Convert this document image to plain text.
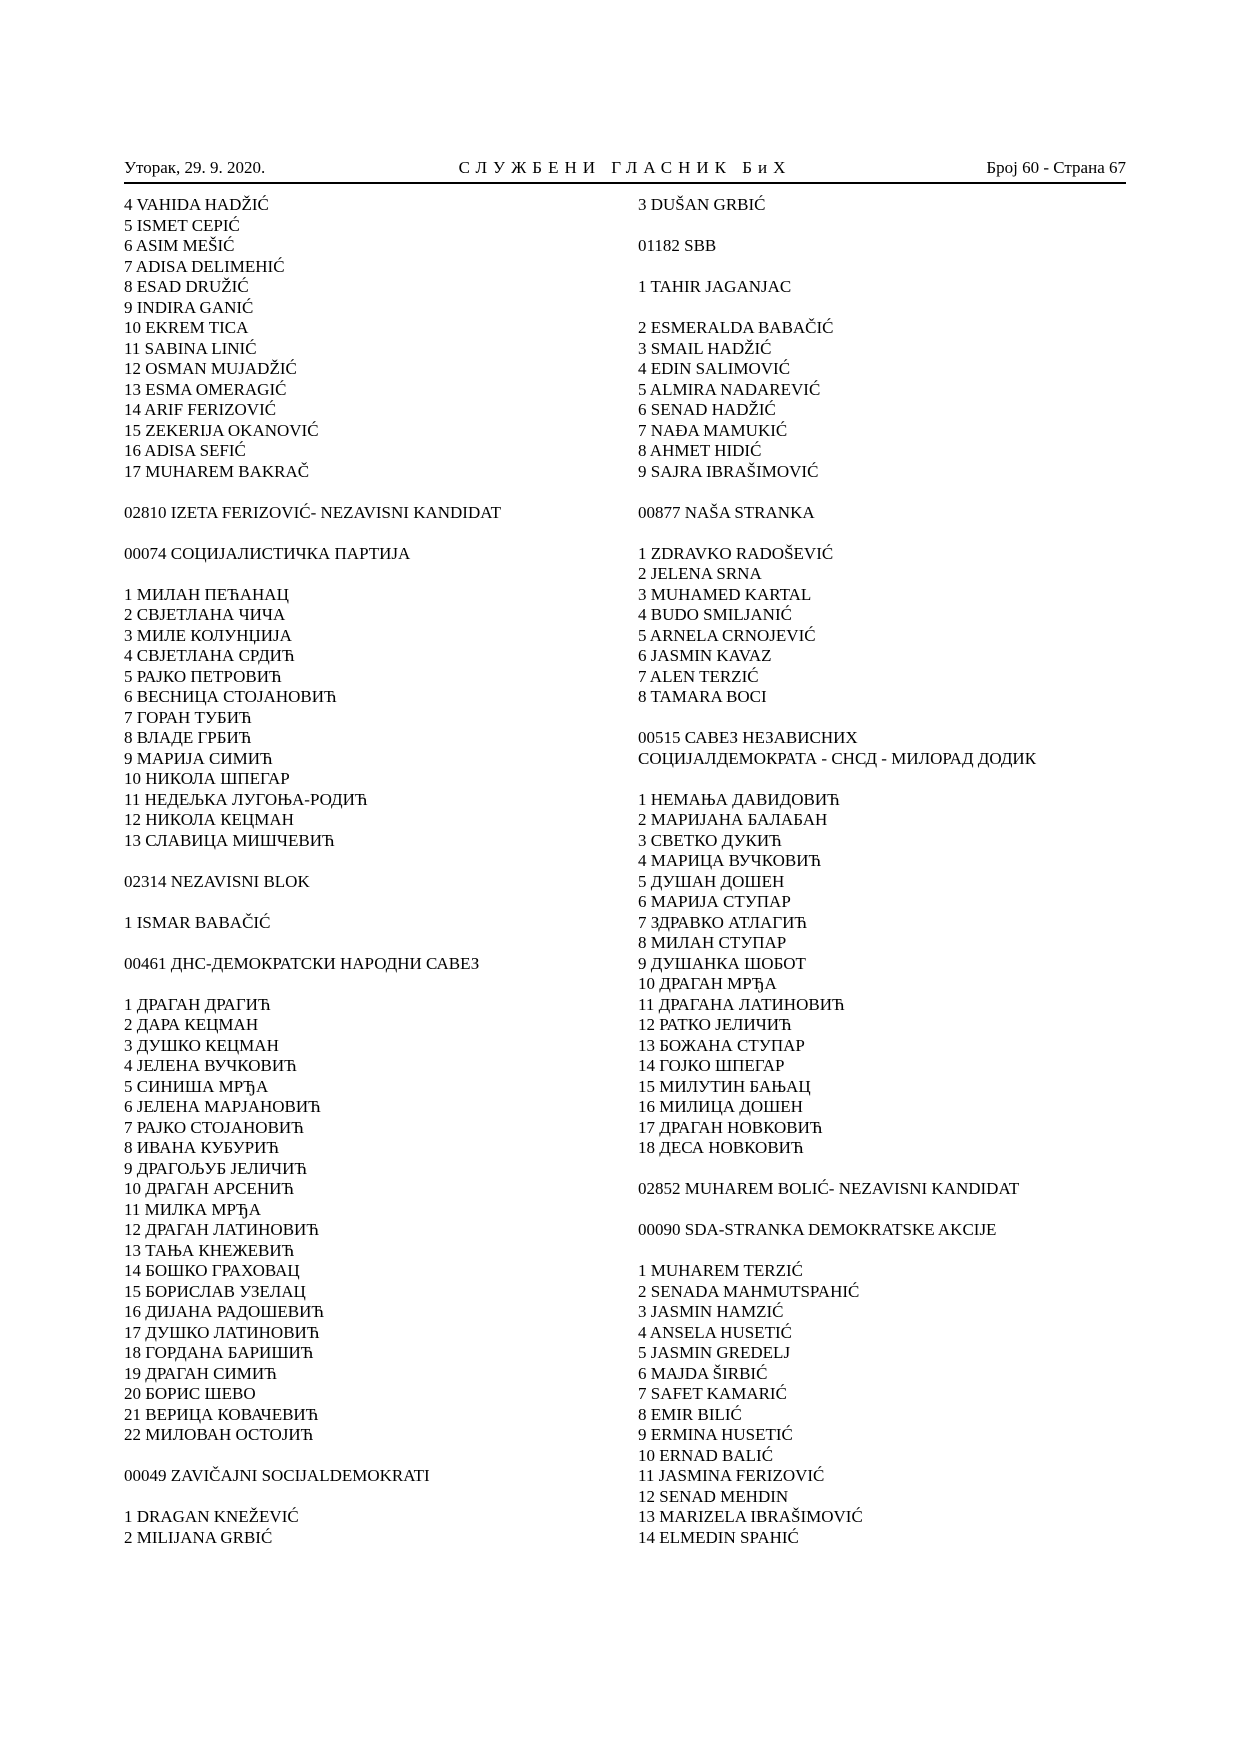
Уторак, 29. 9. 2020.	СЛУЖБЕНИ ГЛАСНИК БиХ	Број 60 - Страна 67
4 VAHIDA HADŽIĆ
5 ISMET CEPIĆ
6 ASIM MEŠIĆ
7 ADISA DELIMEHIĆ
8 ESAD DRUŽIĆ
9 INDIRA GANIĆ
10 EKREM TICA
11 SABINA LINIĆ
12 OSMAN MUJADŽIĆ
13 ESMA OMERAGIĆ
14 ARIF FERIZOVIĆ
15 ZEKERIJA OKANOVIĆ
16 ADISA SEFIĆ
17 MUHAREM BAKRAČ
02810 IZETA FERIZOVIĆ- NEZAVISNI KANDIDAT
00074 СОЦИЈАЛИСТИЧКА ПАРТИЈА
1 МИЛАН ПЕЋАНАЦ
2 СВЈЕТЛАНА ЧИЧА
3 МИЛЕ КОЛУНЏИЈА
4 СВЈЕТЛАНА СРДИЋ
5 РАЈКО ПЕТРОВИЋ
6 ВЕСНИЦА СТОЈАНОВИЋ
7 ГОРАН ТУБИЋ
8 ВЛАДЕ ГРБИЋ
9 МАРИЈА СИМИЋ
10 НИКОЛА ШПЕГАР
11 НЕДЕЉКА ЛУГОЊА-РОДИЋ
12 НИКОЛА КЕЦМАН
13 СЛАВИЦА МИШЧЕВИЋ
02314 NEZAVISNI BLOK
1 ISMAR BABAČIĆ
00461 ДНС-ДЕМОКРАТСКИ НАРОДНИ САВЕЗ
1 ДРАГАН ДРАГИЋ
2 ДАРА КЕЦМАН
3 ДУШКО КЕЦМАН
4 ЈЕЛЕНА ВУЧКОВИЋ
5 СИНИША МРЂА
6 ЈЕЛЕНА МАРЈАНОВИЋ
7 РАЈКО СТОЈАНОВИЋ
8 ИВАНА КУБУРИЋ
9 ДРАГОЉУБ ЈЕЛИЧИЋ
10 ДРАГАН АРСЕНИЋ
11 МИЛКА МРЂА
12 ДРАГАН ЛАТИНОВИЋ
13 ТАЊА КНЕЖЕВИЋ
14 БОШКО ГРАХОВАЦ
15 БОРИСЛАВ УЗЕЛАЦ
16 ДИЈАНА РАДОШЕВИЋ
17 ДУШКО ЛАТИНОВИЋ
18 ГОРДАНА БАРИШИЋ
19 ДРАГАН СИМИЋ
20 БОРИС ШЕВО
21 ВЕРИЦА КОВАЧЕВИЋ
22 МИЛОВАН ОСТОЈИЋ
00049 ZAVIČAJNI SOCIJALDEMOKRATI
1 DRAGAN KNEŽEVIĆ
2 MILIJANA GRBIĆ
3 DUŠAN GRBIĆ
01182 SBB
1 TAHIR JAGANJAC
2 ESMERALDA BABAČIĆ
3 SMAIL HADŽIĆ
4 EDIN SALIMOVIĆ
5 ALMIRA NADAREVIĆ
6 SENAD HADŽIĆ
7 NAĐA MAMUKIĆ
8 AHMET HIDIĆ
9 SAJRA IBRAŠIMOVIĆ
00877 NAŠA STRANKA
1 ZDRAVKO RADOŠEVIĆ
2 JELENA SRNA
3 MUHAMED KARTAL
4 BUDO SMILJANIĆ
5 ARNELA CRNOJEVIĆ
6 JASMIN KAVAZ
7 ALEN TERZIĆ
8 TAMARA BOCI
00515 САВЕЗ НЕЗАВИСНИХ
СОЦИЈАЛДЕМОКРАТА - СНСД - МИЛОРАД ДОДИК
1 НЕМАЊА ДАВИДОВИЋ
2 МАРИЈАНА БАЛАБАН
3 СВЕТКО ДУКИЋ
4 МАРИЦА ВУЧКОВИЋ
5 ДУШАН ДОШЕН
6 МАРИЈА СТУПАР
7 ЗДРАВКО АТЛАГИЋ
8 МИЛАН СТУПАР
9 ДУШАНКА ШОБОТ
10 ДРАГАН МРЂА
11 ДРАГАНА ЛАТИНОВИЋ
12 РАТКО ЈЕЛИЧИЋ
13 БОЖАНА СТУПАР
14 ГОЈКО ШПЕГАР
15 МИЛУТИН БАЊАЦ
16 МИЛИЦА ДОШЕН
17 ДРАГАН НОВКОВИЋ
18 ДЕСА НОВКОВИЋ
02852 MUHAREM BOLIĆ- NEZAVISNI KANDIDAT
00090 SDA-STRANKA DEMOKRATSKE AKCIJE
1 MUHAREM TERZIĆ
2 SENADA MAHMUTSPAHIĆ
3 JASMIN HAMZIĆ
4 ANSELA HUSETIĆ
5 JASMIN GREDELJ
6 MAJDA ŠIRBIĆ
7 SAFET KAMARIĆ
8 EMIR BILIĆ
9 ERMINA HUSETIĆ
10 ERNAD BALIĆ
11 JASMINA FERIZOVIĆ
12 SENAD MEHDIN
13 MARIZELA IBRAŠIMOVIĆ
14 ELMEDIN SPAHIĆ
